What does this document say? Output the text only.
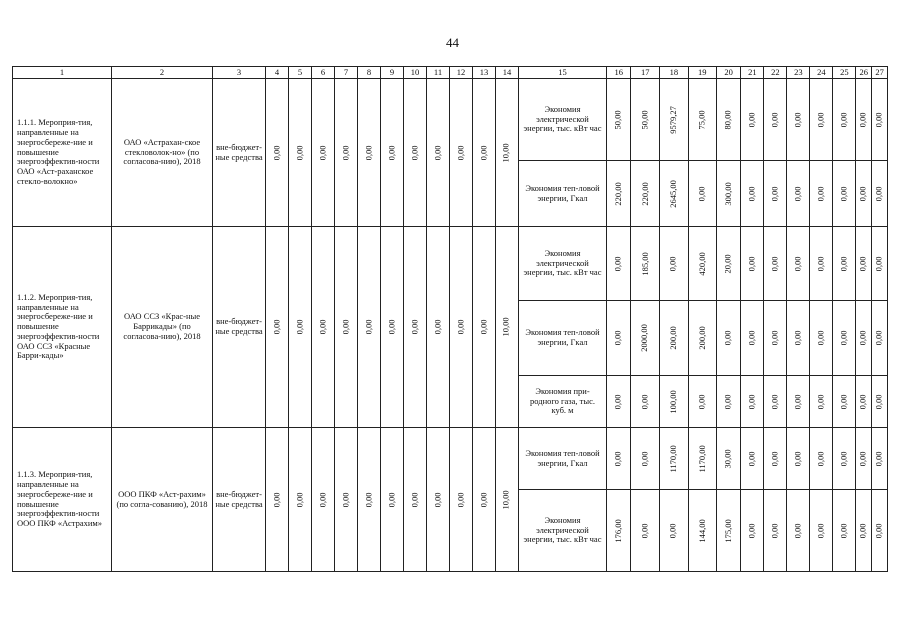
44
1	2	3	4	5	6	7	8	9	10	11	12	13	14	15	16	17	18	19	20	21	22	23	24	25	26	27
1.1.1. Мероприя-тия, направленные на энергосбереже-ние и повышение энергоэффектив-ности ОАО «Аст-раханское стекло-волокно»	ОАО «Астрахан-ское стекловолок-но» (по согласова-нию), 2018	вне-бюджет-ные средства	0,00	0,00	0,00	0,00	0,00	0,00	0,00	0,00	0,00	0,00	10,00	Экономия электрической энергии, тыс. кВт час	50,00	50,00	9579,27	75,00	80,00	0,00	0,00	0,00	0,00	0,00	0,00	0,00
														Экономия теп-ловой энергии, Гкал	220,00	220,00	2645,00	0,00	300,00	0,00	0,00	0,00	0,00	0,00	0,00	0,00
1.1.2. Мероприя-тия, направленные на энергосбереже-ние и повышение энергоэффектив-ности ОАО ССЗ «Красные Барри-кады»	ОАО ССЗ «Крас-ные Баррикады» (по согласова-нию), 2018	вне-бюджет-ные средства	0,00	0,00	0,00	0,00	0,00	0,00	0,00	0,00	0,00	0,00	10,00	Экономия электрической энергии, тыс. кВт час	0,00	185,00	0,00	420,00	20,00	0,00	0,00	0,00	0,00	0,00	0,00	0,00
														Экономия теп-ловой энергии, Гкал	0,00	2000,00	200,00	200,00	0,00	0,00	0,00	0,00	0,00	0,00	0,00	0,00
														Экономия при-родного газа, тыс. куб. м	0,00	0,00	100,00	0,00	0,00	0,00	0,00	0,00	0,00	0,00	0,00	0,00
1.1.3. Мероприя-тия, направленные на энергосбереже-ние и повышение энергоэффектив-ности ООО ПКФ «Астрахим»	ООО ПКФ «Аст-рахим» (по согла-сованию), 2018	вне-бюджет-ные средства	0,00	0,00	0,00	0,00	0,00	0,00	0,00	0,00	0,00	0,00	10,00	Экономия теп-ловой энергии, Гкал	0,00	0,00	1170,00	1170,00	30,00	0,00	0,00	0,00	0,00	0,00	0,00	0,00
														Экономия электрической энергии, тыс. кВт час	176,00	0,00	0,00	144,00	175,00	0,00	0,00	0,00	0,00	0,00	0,00	0,00
